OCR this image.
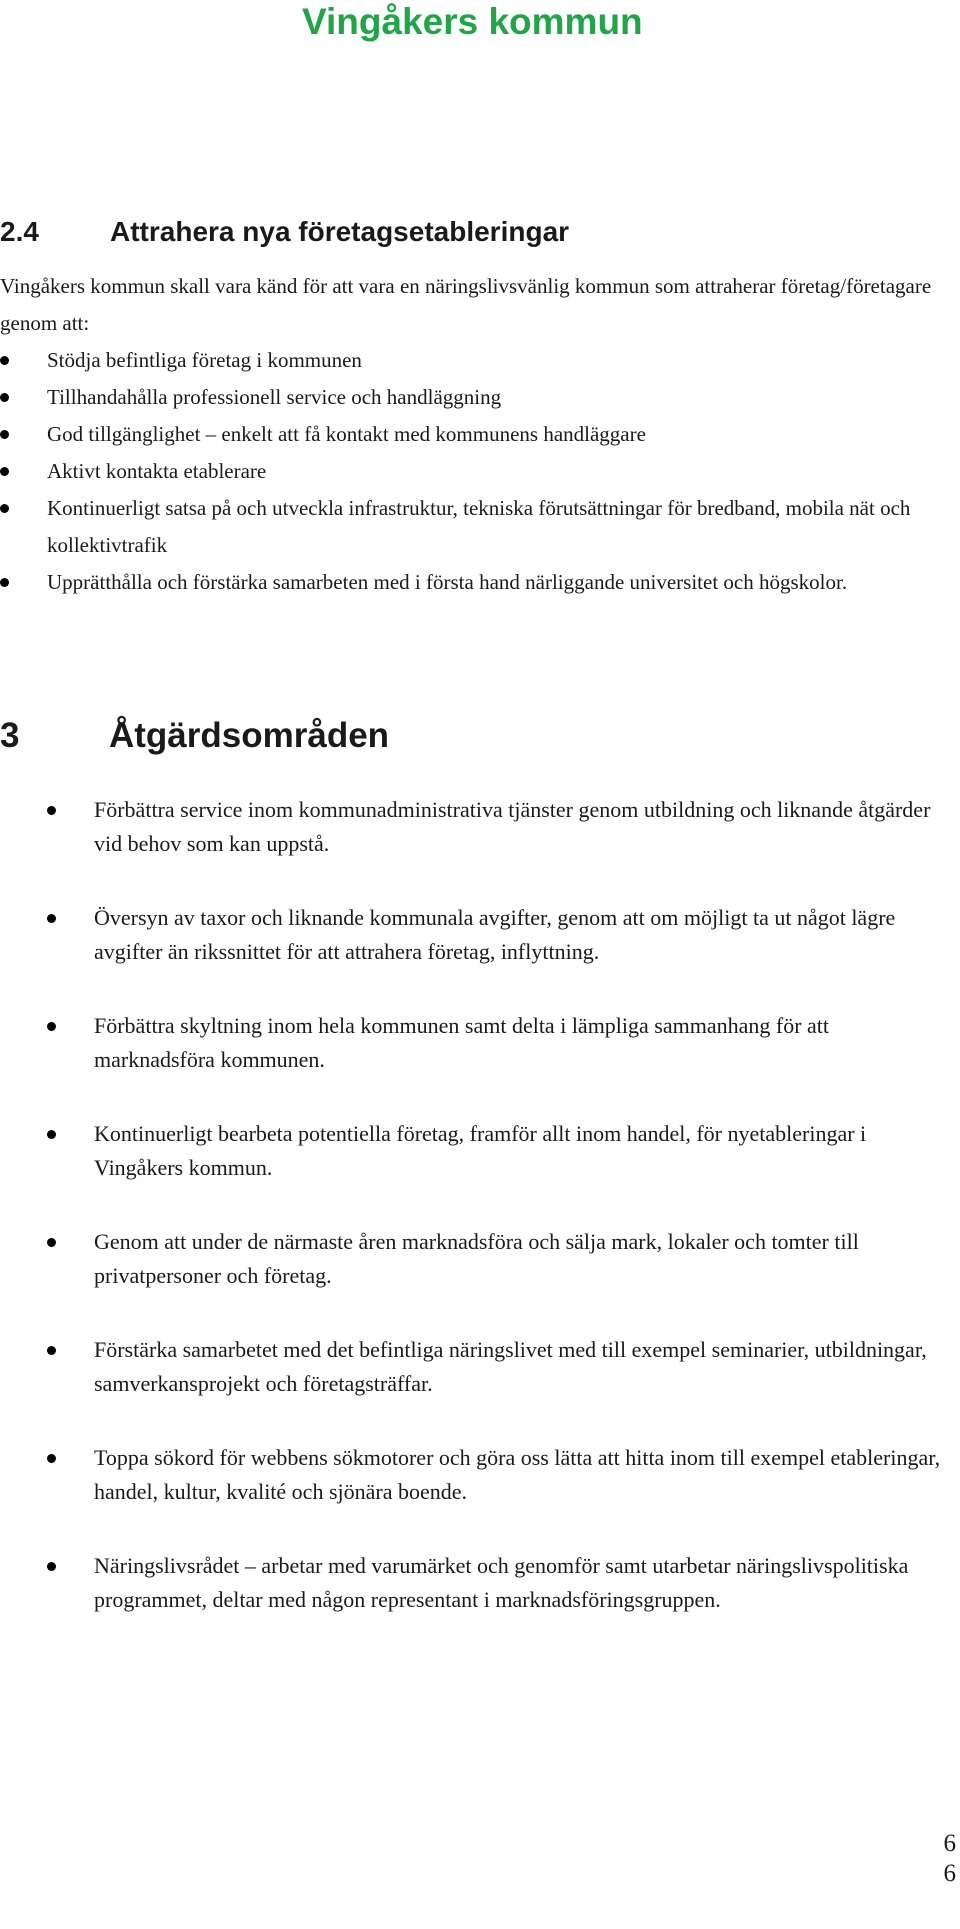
Vingåkers kommun
2.4	Attrahera nya företagsetableringar

Vingåkers kommun skall vara känd för att vara en näringslivsvänlig kommun som attraherar företag/företagare genom att:

Stödja befintliga företag i kommunen
Tillhandahålla professionell service och handläggning
God tillgänglighet – enkelt att få kontakt med kommunens handläggare
Aktivt kontakta etablerare
Kontinuerligt satsa på och utveckla infrastruktur, tekniska förutsättningar för bredband, mobila nät och kollektivtrafik
Upprätthålla och förstärka samarbeten med i första hand närliggande universitet och högskolor.
3	Åtgärdsområden
Förbättra service inom kommunadministrativa tjänster genom utbildning och liknande åtgärder vid behov som kan uppstå.
Översyn av taxor och liknande kommunala avgifter, genom att om möjligt ta ut något lägre avgifter än rikssnittet för att attrahera företag, inflyttning.
Förbättra skyltning inom hela kommunen samt delta i lämpliga sammanhang för att marknadsföra kommunen.
Kontinuerligt bearbeta potentiella företag, framför allt inom handel, för nyetableringar i Vingåkers kommun.
Genom att under de närmaste åren marknadsföra och sälja mark, lokaler och tomter till privatpersoner och företag.
Förstärka samarbetet med det befintliga näringslivet med till exempel seminarier, utbildningar, samverkansprojekt och företagsträffar.
Toppa sökord för webbens sökmotorer och göra oss lätta att hitta inom till exempel etableringar, handel, kultur, kvalité och sjönära boende.
Näringslivsrådet – arbetar med varumärket och genomför samt utarbetar näringslivspolitiska programmet, deltar med någon representant i marknadsföringsgruppen.
6
6
